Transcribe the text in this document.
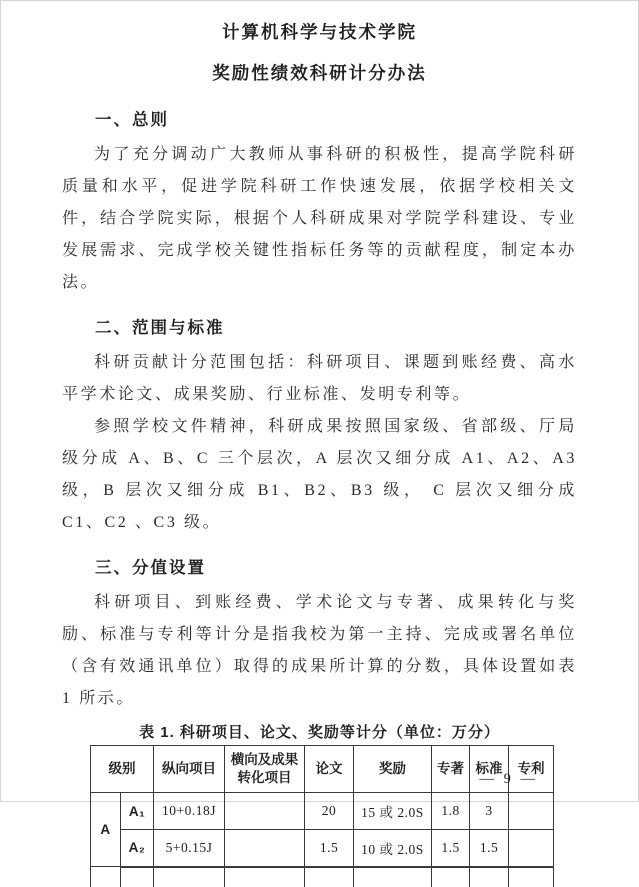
计算机科学与技术学院
奖励性绩效科研计分办法
一、总则

为了充分调动广大教师从事科研的积极性，提高学院科研质量和水平，促进学院科研工作快速发展，依据学校相关文件，结合学院实际，根据个人科研成果对学院学科建设、专业发展需求、完成学校关键性指标任务等的贡献程度，制定本办法。

二、范围与标准

科研贡献计分范围包括：科研项目、课题到账经费、高水平学术论文、成果奖励、行业标准、发明专利等。

参照学校文件精神，科研成果按照国家级、省部级、厅局级分成 A、B、C 三个层次，A 层次又细分成 A1、A2、A3 级，B 层次又细分成 B1、B2、B3 级， C 层次又细分成 C1、C2 、C3 级。

三、分值设置

科研项目、到账经费、学术论文与专著、成果转化与奖励、标准与专利等计分是指我校为第一主持、完成或署名单位（含有效通讯单位）取得的成果所计算的分数，具体设置如表 1 所示。

表 1. 科研项目、论文、奖励等计分（单位：万分）
级别		纵向项目	横向及成果转化项目	论文	奖励	专著	标准	专利
A	A₁	10+0.18J		20	15 或 2.0S	1.8	3	
	A₂	5+0.15J		1.5	10 或 2.0S	1.5	1.5	

— 9 —
